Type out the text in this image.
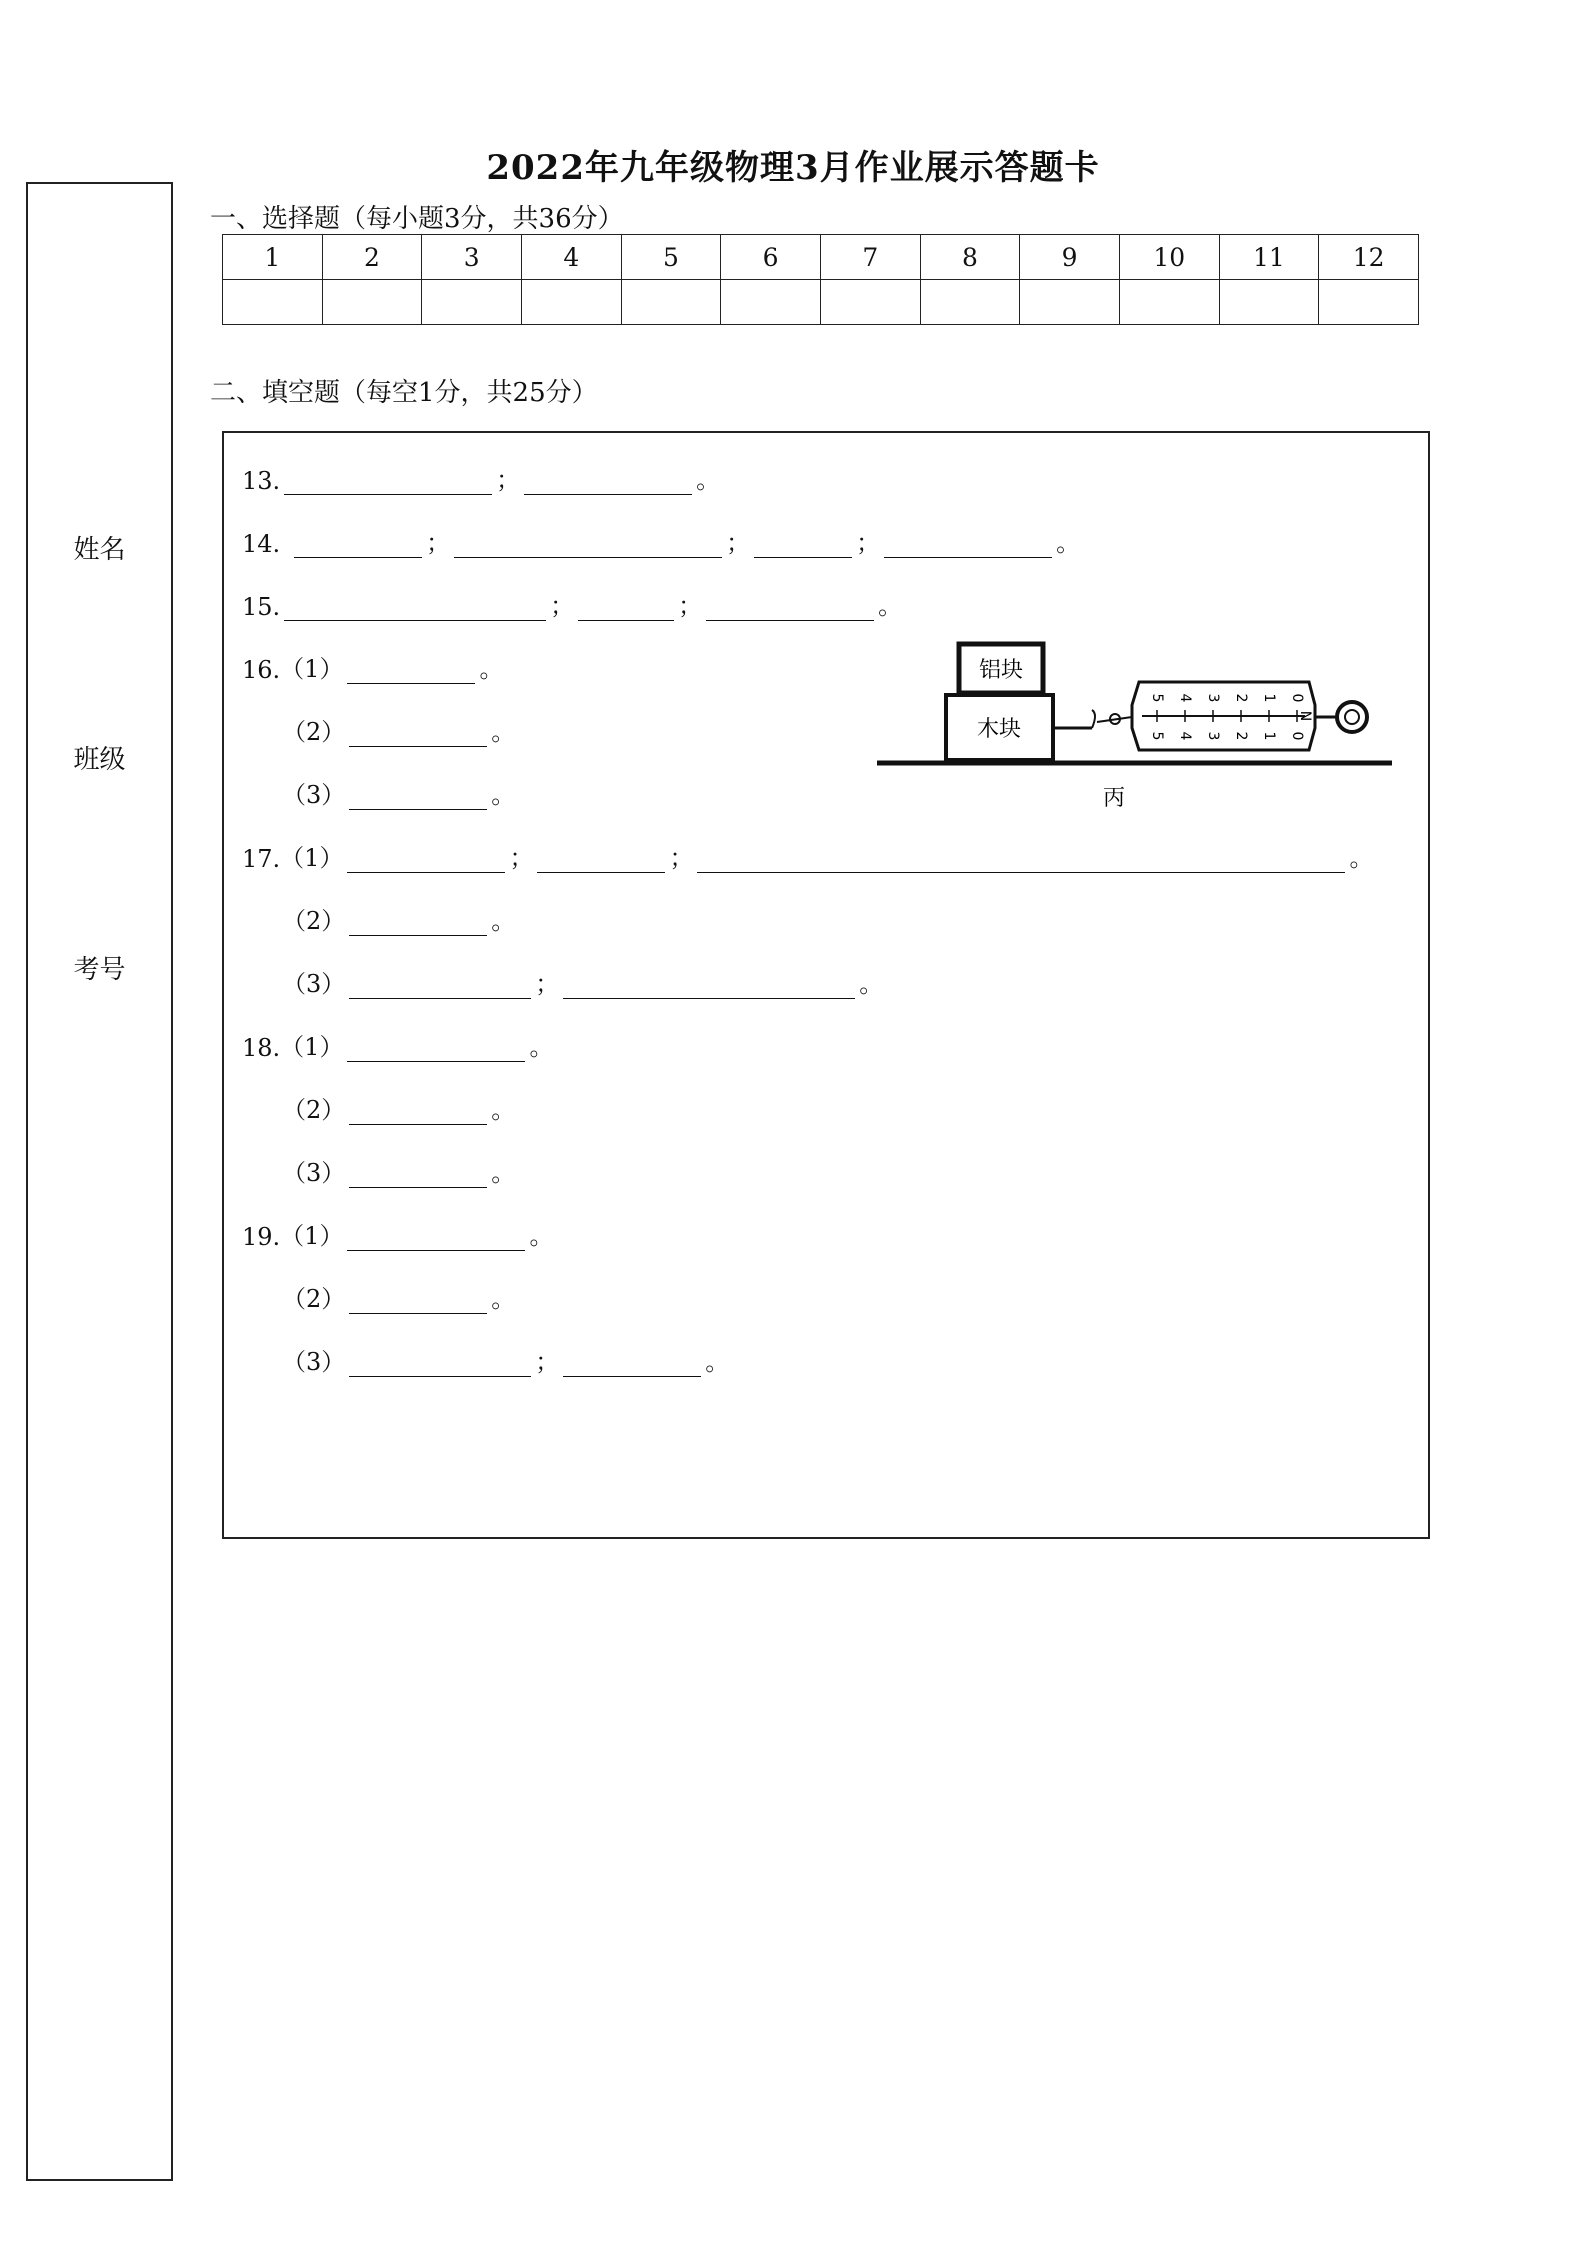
2022年九年级物理3月作业展示答题卡
姓名
班级
考号
一、选择题（每小题3分，共36分）
1	2	3	4	5	6	7	8	9	10	11	12

二、填空题（每空1分，共25分）
13.	；	。
14.	；	；	；	。
15.	；	；	。
16. （1）	。
（2）	。
（3）	。
木块
铝块
5 4 3 2 1 0
5 4 3 2 1 0
N
丙
17. （1）	；	；	。
（2）	。
（3）	；	。
18. （1）	。
（2）	。
（3）	。
19. （1）	。
（2）	。
（3）	；	。
